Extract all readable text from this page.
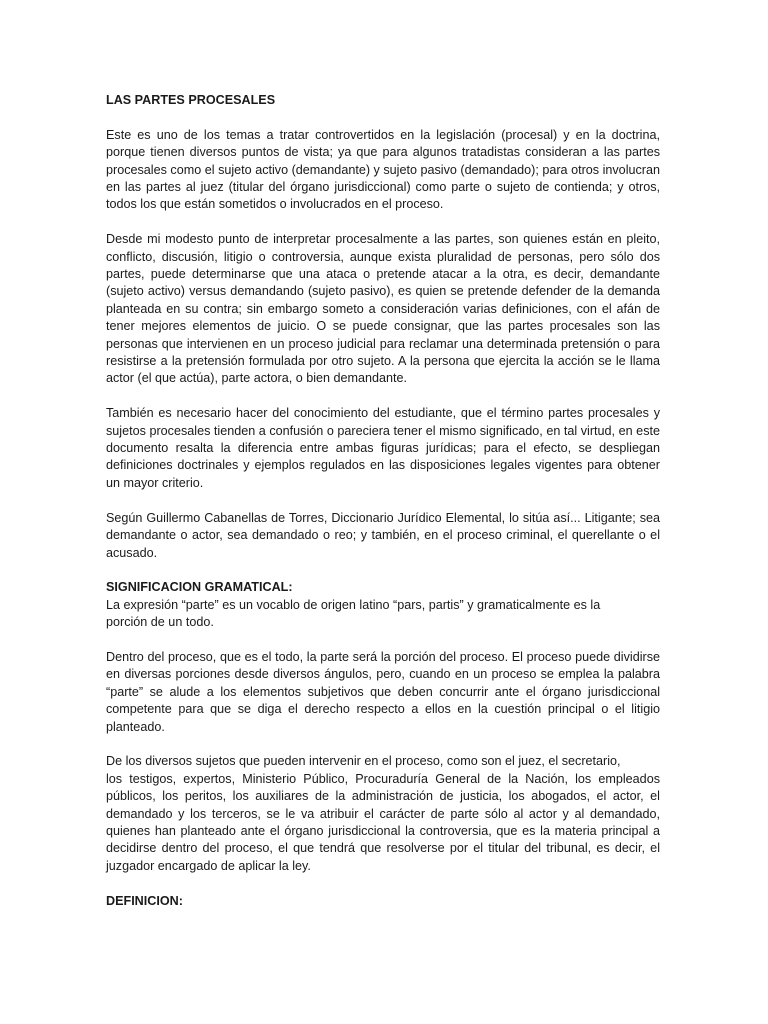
LAS PARTES PROCESALES

Este es uno de los temas a tratar controvertidos en la legislación (procesal) y en la doctrina, porque tienen diversos puntos de vista; ya que para algunos tratadistas consideran a las partes procesales como el sujeto activo (demandante) y sujeto pasivo (demandado); para otros involucran en las partes al juez (titular del órgano jurisdiccional) como parte o sujeto de contienda; y otros, todos los que están sometidos o involucrados en el proceso.

Desde mi modesto punto de interpretar procesalmente a las partes, son quienes están en pleito, conflicto, discusión, litigio o controversia, aunque exista pluralidad de personas, pero sólo dos partes, puede determinarse que una ataca o pretende atacar a la otra, es decir, demandante (sujeto activo) versus demandando (sujeto pasivo), es quien se pretende defender de la demanda planteada en su contra; sin embargo someto a consideración varias definiciones, con el afán de tener mejores elementos de juicio. O se puede consignar, que las partes procesales son las personas que intervienen en un proceso judicial para reclamar una determinada pretensión o para resistirse a la pretensión formulada por otro sujeto. A la persona que ejercita la acción se le llama actor (el que actúa), parte actora, o bien demandante.

También es necesario hacer del conocimiento del estudiante, que el término partes procesales y sujetos procesales tienden a confusión o pareciera tener el mismo significado, en tal virtud, en este documento resalta la diferencia entre ambas figuras jurídicas; para el efecto, se despliegan definiciones doctrinales y ejemplos regulados en las disposiciones legales vigentes para obtener un mayor criterio.

Según Guillermo Cabanellas de Torres, Diccionario Jurídico Elemental, lo sitúa así... Litigante; sea demandante o actor, sea demandado o reo; y también, en el proceso criminal, el querellante o el acusado.

SIGNIFICACION GRAMATICAL:

La expresión “parte” es un vocablo de origen latino “pars, partis” y gramaticalmente es la

porción de un todo.

Dentro del proceso, que es el todo, la parte será la porción del proceso. El proceso puede dividirse en diversas porciones desde diversos ángulos, pero, cuando en un proceso se emplea la palabra “parte” se alude a los elementos subjetivos que deben concurrir ante el órgano jurisdiccional competente para que se diga el derecho respecto a ellos en la cuestión principal o el litigio planteado.

De los diversos sujetos que pueden intervenir en el proceso, como son el juez, el secretario,

los testigos, expertos, Ministerio Público, Procuraduría General de la Nación, los empleados públicos, los peritos, los auxiliares de la administración de justicia, los abogados, el actor, el demandado y los terceros, se le va atribuir el carácter de parte sólo al actor y al demandado, quienes han planteado ante el órgano jurisdiccional la controversia, que es la materia principal a decidirse dentro del proceso, el que tendrá que resolverse por el titular del tribunal, es decir, el juzgador encargado de aplicar la ley.

DEFINICION:
